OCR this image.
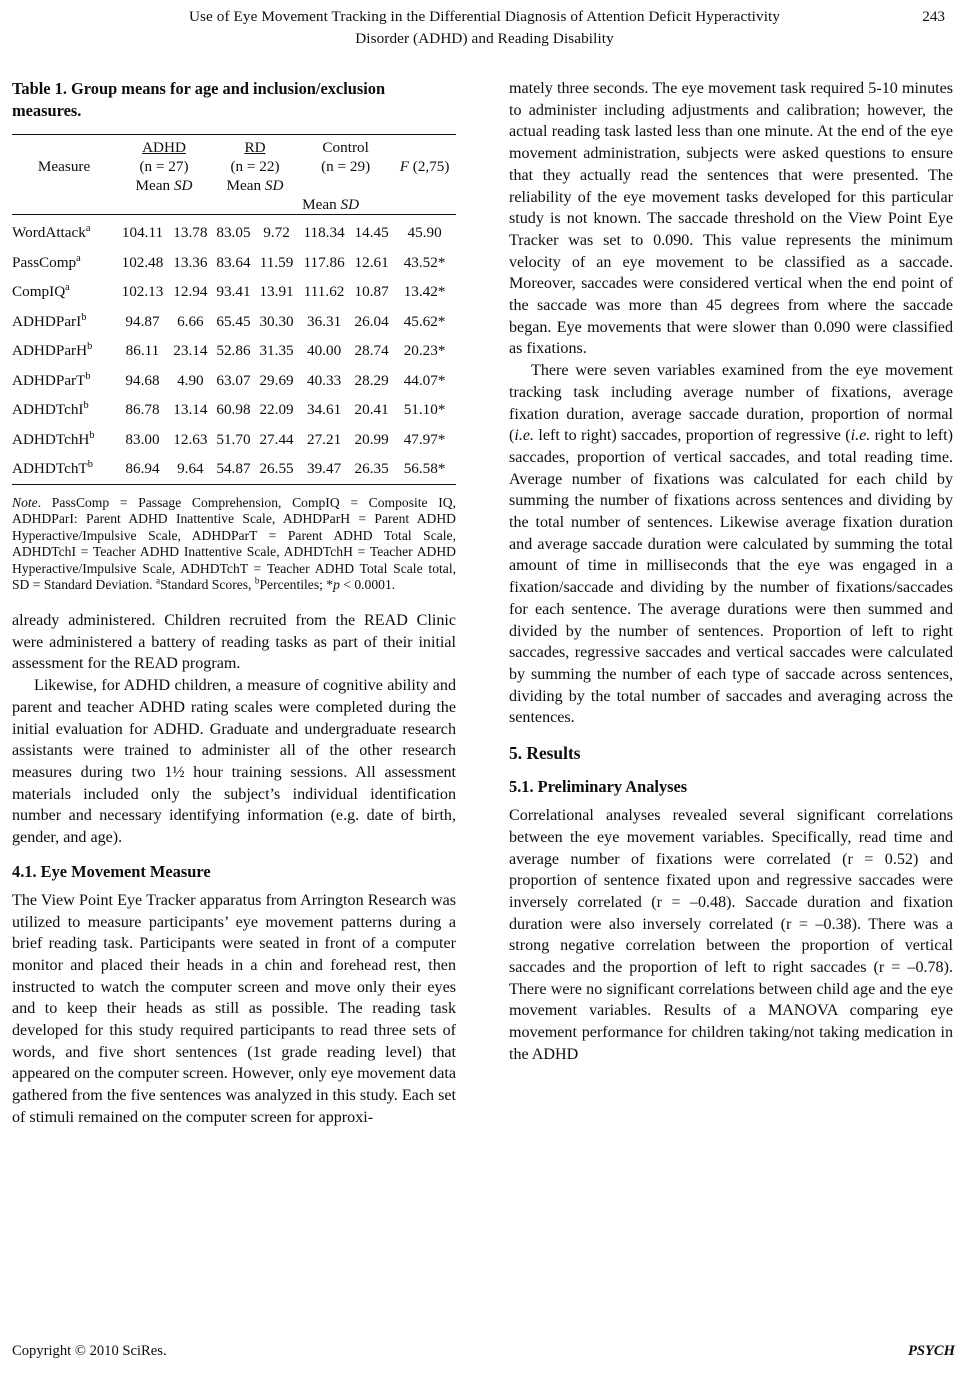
Use of Eye Movement Tracking in the Differential Diagnosis of Attention Deficit Hyperactivity
Disorder (ADHD) and Reading Disability
243
Table 1. Group means for age and inclusion/exclusion measures.

	ADHD		RD		Control		
Measure	(n = 27)		(n = 22)		(n = 29)		F (2,75)
	Mean SD		Mean SD				
					Mean SD		

WordAttack$^a$	104.11	13.78	83.05	9.72	118.34	14.45	45.90
PassComp$^a$	102.48	13.36	83.64	11.59	117.86	12.61	43.52*
CompIQ$^a$	102.13	12.94	93.41	13.91	111.62	10.87	13.42*
ADHDParI$^b$	94.87	6.66	65.45	30.30	36.31	26.04	45.62*
ADHDParH$^b$	86.11	23.14	52.86	31.35	40.00	28.74	20.23*
ADHDParT$^b$	94.68	4.90	63.07	29.69	40.33	28.29	44.07*
ADHDTchI$^b$	86.78	13.14	60.98	22.09	34.61	20.41	51.10*
ADHDTchH$^b$	83.00	12.63	51.70	27.44	27.21	20.99	47.97*
ADHDTchT$^b$	86.94	9.64	54.87	26.55	39.47	26.35	56.58*

Note. PassComp = Passage Comprehension, CompIQ = Composite IQ, ADHDParI: Parent ADHD Inattentive Scale, ADHDParH = Parent ADHD Hyperactive/Impulsive Scale, ADHDParT = Parent ADHD Total Scale, ADHDTchI = Teacher ADHD Inattentive Scale, ADHDTchH = Teacher ADHD Hyperactive/Impulsive Scale, ADHDTchT = Teacher ADHD Total Scale total, SD = Standard Deviation. $^a$Standard Scores, $^b$Percentiles; *p < 0.0001.

already administered. Children recruited from the READ Clinic were administered a battery of reading tasks as part of their initial assessment for the READ program.

Likewise, for ADHD children, a measure of cognitive ability and parent and teacher ADHD rating scales were completed during the initial evaluation for ADHD. Graduate and undergraduate research assistants were trained to administer all of the other research measures during two 1½ hour training sessions. All assessment materials included only the subject’s individual identification number and necessary identifying information (e.g. date of birth, gender, and age).

4.1. Eye Movement Measure

The View Point Eye Tracker apparatus from Arrington Research was utilized to measure participants’ eye movement patterns during a brief reading task. Participants were seated in front of a computer monitor and placed their heads in a chin and forehead rest, then instructed to watch the computer screen and move only their eyes and to keep their heads as still as possible. The reading task developed for this study required participants to read three sets of words, and five short sentences (1st grade reading level) that appeared on the computer screen. However, only eye movement data gathered from the five sentences was analyzed in this study. Each set of stimuli remained on the computer screen for approxi-

mately three seconds. The eye movement task required 5-10 minutes to administer including adjustments and calibration; however, the actual reading task lasted less than one minute. At the end of the eye movement administration, subjects were asked questions to ensure that they actually read the sentences that were presented. The reliability of the eye movement tasks developed for this particular study is not known. The saccade threshold on the View Point Eye Tracker was set to 0.090. This value represents the minimum velocity of an eye movement to be classified as a saccade. Moreover, saccades were considered vertical when the end point of the saccade was more than 45 degrees from where the saccade began. Eye movements that were slower than 0.090 were classified as fixations.

There were seven variables examined from the eye movement tracking task including average number of fixations, average fixation duration, average saccade duration, proportion of normal (i.e. left to right) saccades, proportion of regressive (i.e. right to left) saccades, proportion of vertical saccades, and total reading time. Average number of fixations was calculated for each child by summing the number of fixations across sentences and dividing by the total number of sentences. Likewise average fixation duration and average saccade duration were calculated by summing the total amount of time in milliseconds that the eye was engaged in a fixation/saccade and dividing by the number of fixations/saccades for each sentence. The average durations were then summed and divided by the number of sentences. Proportion of left to right saccades, regressive saccades and vertical saccades were calculated by summing the number of each type of saccade across sentences, dividing by the total number of saccades and averaging across the sentences.

5. Results
5.1. Preliminary Analyses

Correlational analyses revealed several significant correlations between the eye movement variables. Specifically, read time and average number of fixations were correlated (r = 0.52) and proportion of sentence fixated upon and regressive saccades were inversely correlated (r = –0.48). Saccade duration and fixation duration were also inversely correlated (r = –0.38). There was a strong negative correlation between the proportion of vertical saccades and the proportion of left to right saccades (r = –0.78). There were no significant correlations between child age and the eye movement variables. Results of a MANOVA comparing eye movement performance for children taking/not taking medication in the ADHD

Copyright © 2010 SciRes.	PSYCH
